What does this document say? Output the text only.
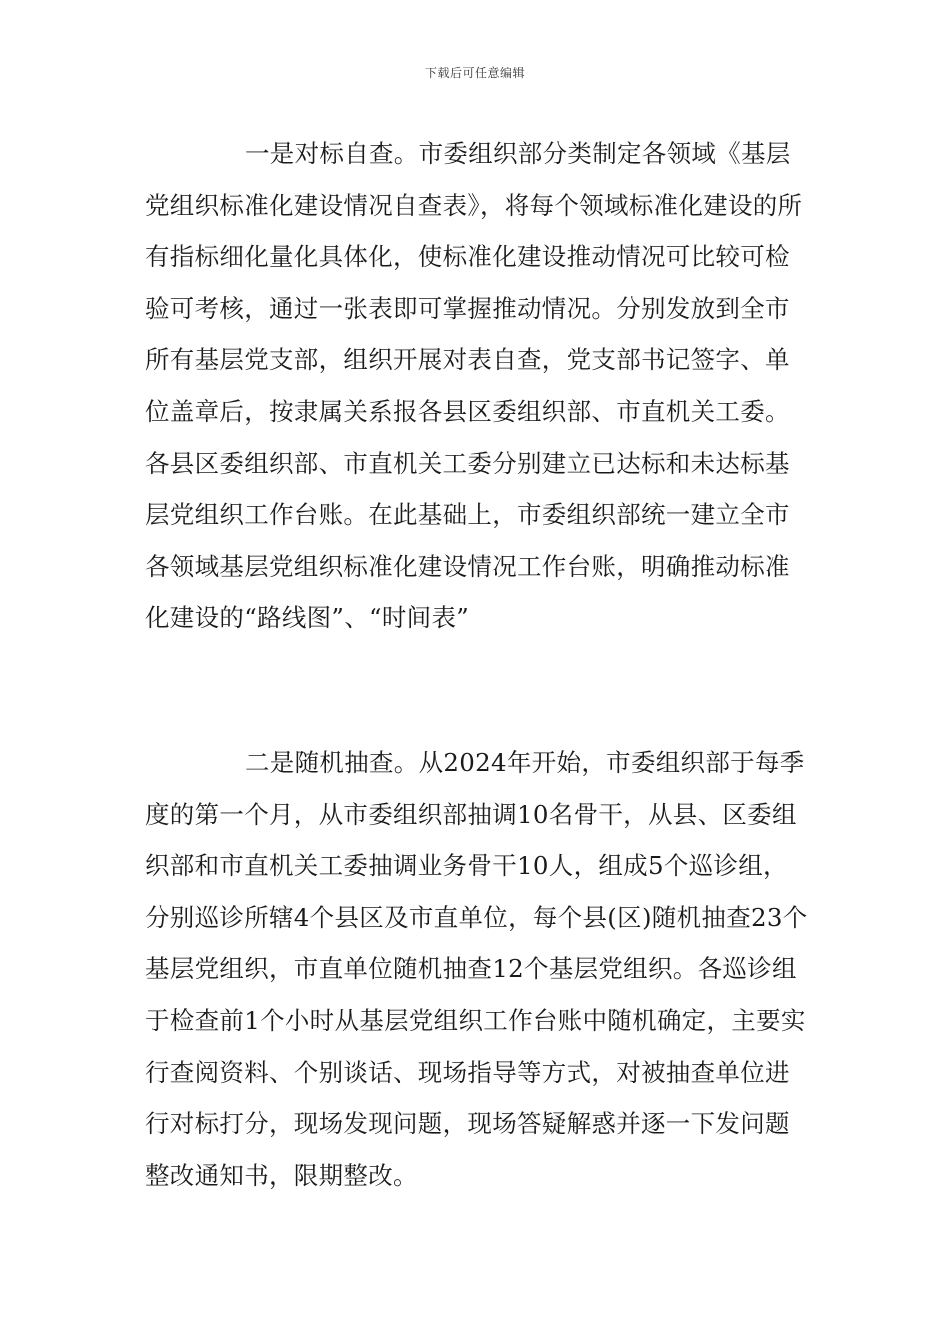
下载后可任意编辑

一是对标自查。市委组织部分类制定各领域《基层党组织标准化建设情况自查表》，将每个领域标准化建设的所有指标细化量化具体化，使标准化建设推动情况可比较可检验可考核，通过一张表即可掌握推动情况。分别发放到全市所有基层党支部，组织开展对表自查，党支部书记签字、单位盖章后，按隶属关系报各县区委组织部、市直机关工委。各县区委组织部、市直机关工委分别建立已达标和未达标基层党组织工作台账。在此基础上，市委组织部统一建立全市各领域基层党组织标准化建设情况工作台账，明确推动标准化建设的“路线图”、“时间表”

二是随机抽查。从2024年开始，市委组织部于每季度的第一个月，从市委组织部抽调10名骨干，从县、区委组织部和市直机关工委抽调业务骨干10人，组成5个巡诊组，分别巡诊所辖4个县区及市直单位，每个县(区)随机抽查23个基层党组织，市直单位随机抽查12个基层党组织。各巡诊组于检查前1个小时从基层党组织工作台账中随机确定，主要实行查阅资料、个别谈话、现场指导等方式，对被抽查单位进行对标打分，现场发现问题，现场答疑解惑并逐一下发问题整改通知书，限期整改。
